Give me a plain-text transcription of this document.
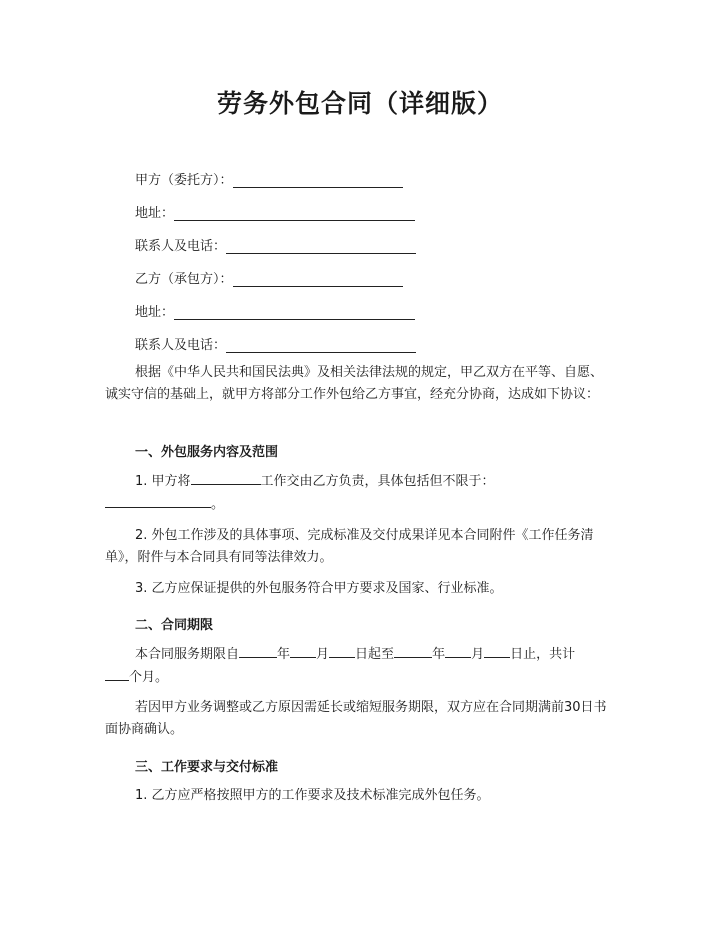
劳务外包合同（详细版）
甲方（委托方）：
地址：
联系人及电话：
乙方（承包方）：
地址：
联系人及电话：
根据《中华人民共和国民法典》及相关法律法规的规定，甲乙双方在平等、自愿、诚实守信的基础上，就甲方将部分工作外包给乙方事宜，经充分协商，达成如下协议：
一、外包服务内容及范围
1. 甲方将	工作交由乙方负责，具体包括但不限于：
。
2. 外包工作涉及的具体事项、完成标准及交付成果详见本合同附件《工作任务清单》，附件与本合同具有同等法律效力。
3. 乙方应保证提供的外包服务符合甲方要求及国家、行业标准。
二、合同期限
本合同服务期限自	年 月 日起至	年 月 日止，共计
个月。
若因甲方业务调整或乙方原因需延长或缩短服务期限，双方应在合同期满前30日书面协商确认。
三、工作要求与交付标准
1. 乙方应严格按照甲方的工作要求及技术标准完成外包任务。
